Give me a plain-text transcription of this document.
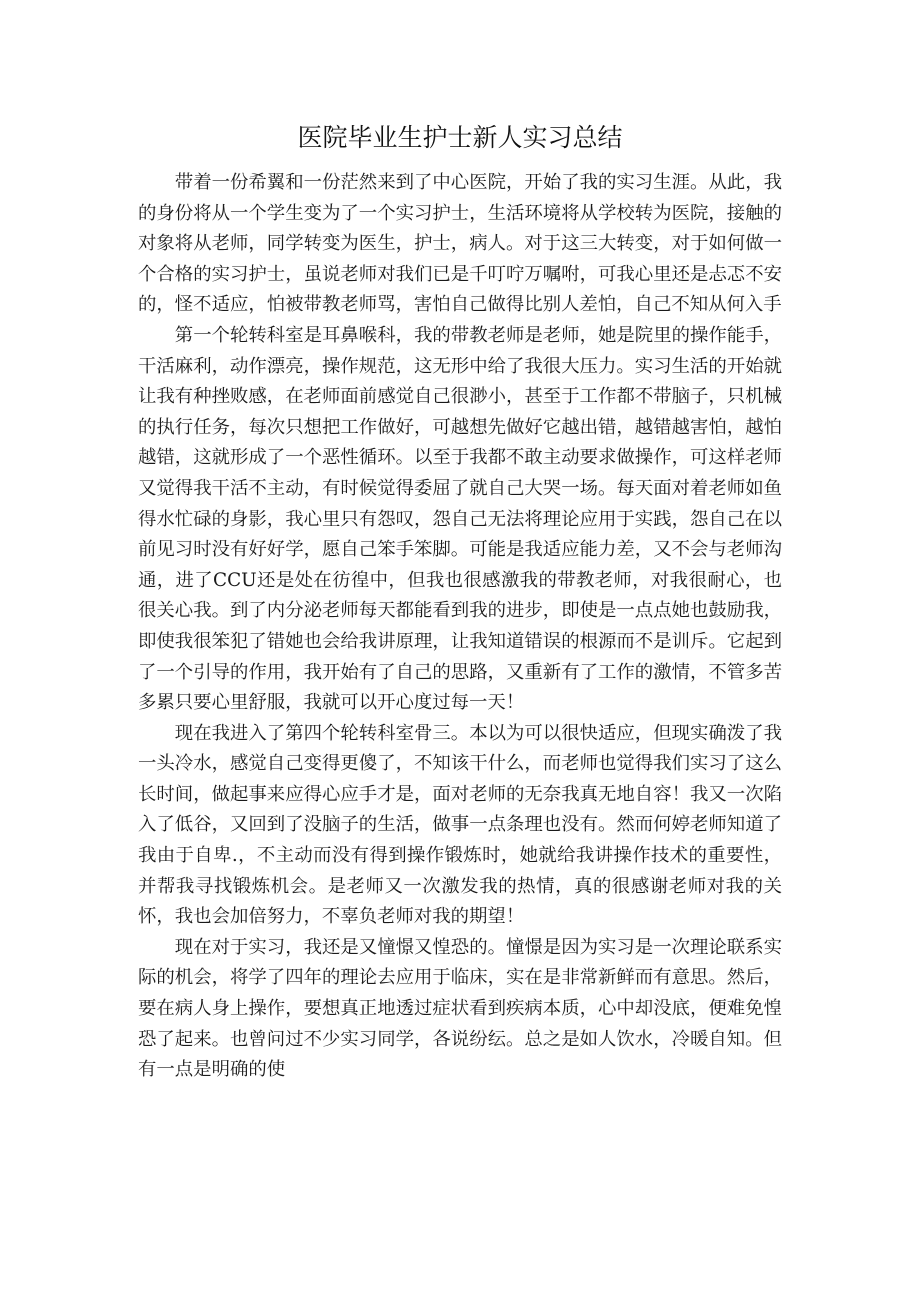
医院毕业生护士新人实习总结

带着一份希翼和一份茫然来到了中心医院，开始了我的实习生涯。从此，我的身份将从一个学生变为了一个实习护士，生活环境将从学校转为医院，接触的对象将从老师，同学转变为医生，护士，病人。对于这三大转变，对于如何做一个合格的实习护士，虽说老师对我们已是千叮咛万嘱咐，可我心里还是忐忑不安的，怪不适应，怕被带教老师骂，害怕自己做得比别人差怕，自己不知从何入手

第一个轮转科室是耳鼻喉科，我的带教老师是老师，她是院里的操作能手，干活麻利，动作漂亮，操作规范，这无形中给了我很大压力。实习生活的开始就让我有种挫败感，在老师面前感觉自己很渺小，甚至于工作都不带脑子，只机械的执行任务，每次只想把工作做好，可越想先做好它越出错，越错越害怕，越怕越错，这就形成了一个恶性循环。以至于我都不敢主动要求做操作，可这样老师又觉得我干活不主动，有时候觉得委屈了就自己大哭一场。每天面对着老师如鱼得水忙碌的身影，我心里只有怨叹，怨自己无法将理论应用于实践，怨自己在以前见习时没有好好学，愿自己笨手笨脚。可能是我适应能力差，又不会与老师沟通，进了CCU还是处在彷徨中，但我也很感激我的带教老师，对我很耐心，也很关心我。到了内分泌老师每天都能看到我的进步，即使是一点点她也鼓励我，即使我很笨犯了错她也会给我讲原理，让我知道错误的根源而不是训斥。它起到了一个引导的作用，我开始有了自己的思路，又重新有了工作的激情，不管多苦多累只要心里舒服，我就可以开心度过每一天！

现在我进入了第四个轮转科室骨三。本以为可以很快适应，但现实确泼了我一头冷水，感觉自己变得更傻了，不知该干什么，而老师也觉得我们实习了这么长时间，做起事来应得心应手才是，面对老师的无奈我真无地自容！我又一次陷入了低谷，又回到了没脑子的生活，做事一点条理也没有。然而何婷老师知道了我由于自卑.，不主动而没有得到操作锻炼时，她就给我讲操作技术的重要性，并帮我寻找锻炼机会。是老师又一次激发我的热情，真的很感谢老师对我的关怀，我也会加倍努力，不辜负老师对我的期望！

现在对于实习，我还是又憧憬又惶恐的。憧憬是因为实习是一次理论联系实际的机会，将学了四年的理论去应用于临床，实在是非常新鲜而有意思。然后，要在病人身上操作，要想真正地透过症状看到疾病本质，心中却没底，便难免惶恐了起来。也曾问过不少实习同学，各说纷纭。总之是如人饮水，冷暖自知。但有一点是明确的使
